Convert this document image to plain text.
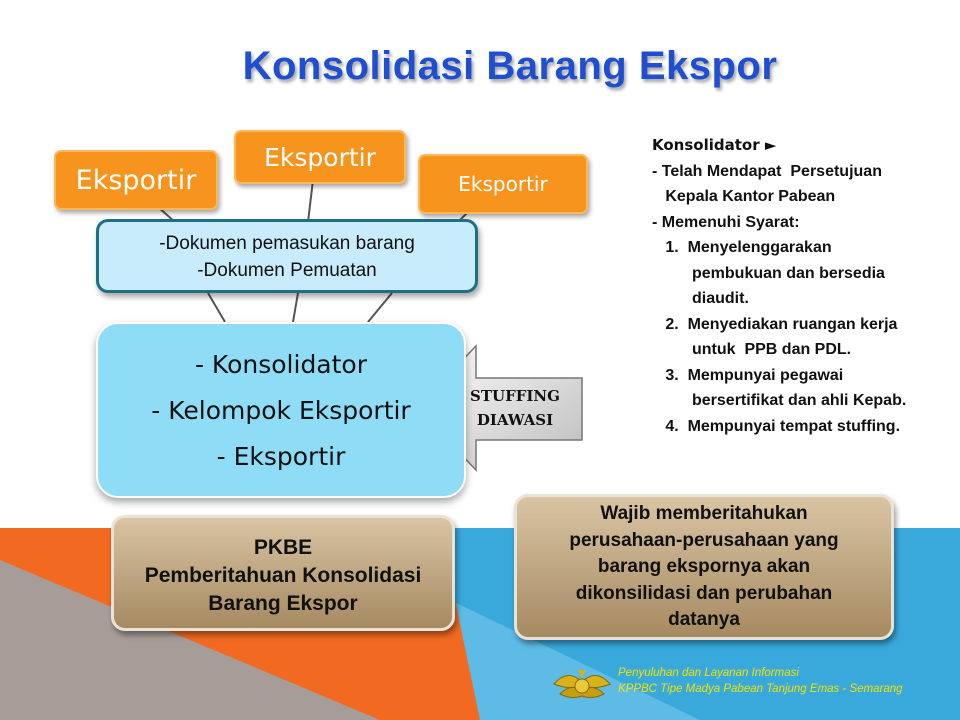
Konsolidasi Barang Ekspor
Eksportir
Eksportir
Eksportir
-Dokumen pemasukan barang
-Dokumen Pemuatan
- Konsolidator
- Kelompok Eksportir
- Eksportir
STUFFING
DIAWASI
Konsolidator ►
- Telah Mendapat  Persetujuan
Kepala Kantor Pabean
- Memenuhi Syarat:
1.  Menyelenggarakan
pembukuan dan bersedia
diaudit.
2.  Menyediakan ruangan kerja
untuk  PPB dan PDL.
3.  Mempunyai pegawai
bersertifikat dan ahli Kepab.
4.  Mempunyai tempat stuffing.
PKBE
Pemberitahuan Konsolidasi
Barang Ekspor
Wajib memberitahukan
perusahaan-perusahaan yang
barang ekspornya akan
dikonsilidasi dan perubahan
datanya
Penyuluhan dan Layanan Informasi
KPPBC Tipe Madya Pabean Tanjung Emas - Semarang
